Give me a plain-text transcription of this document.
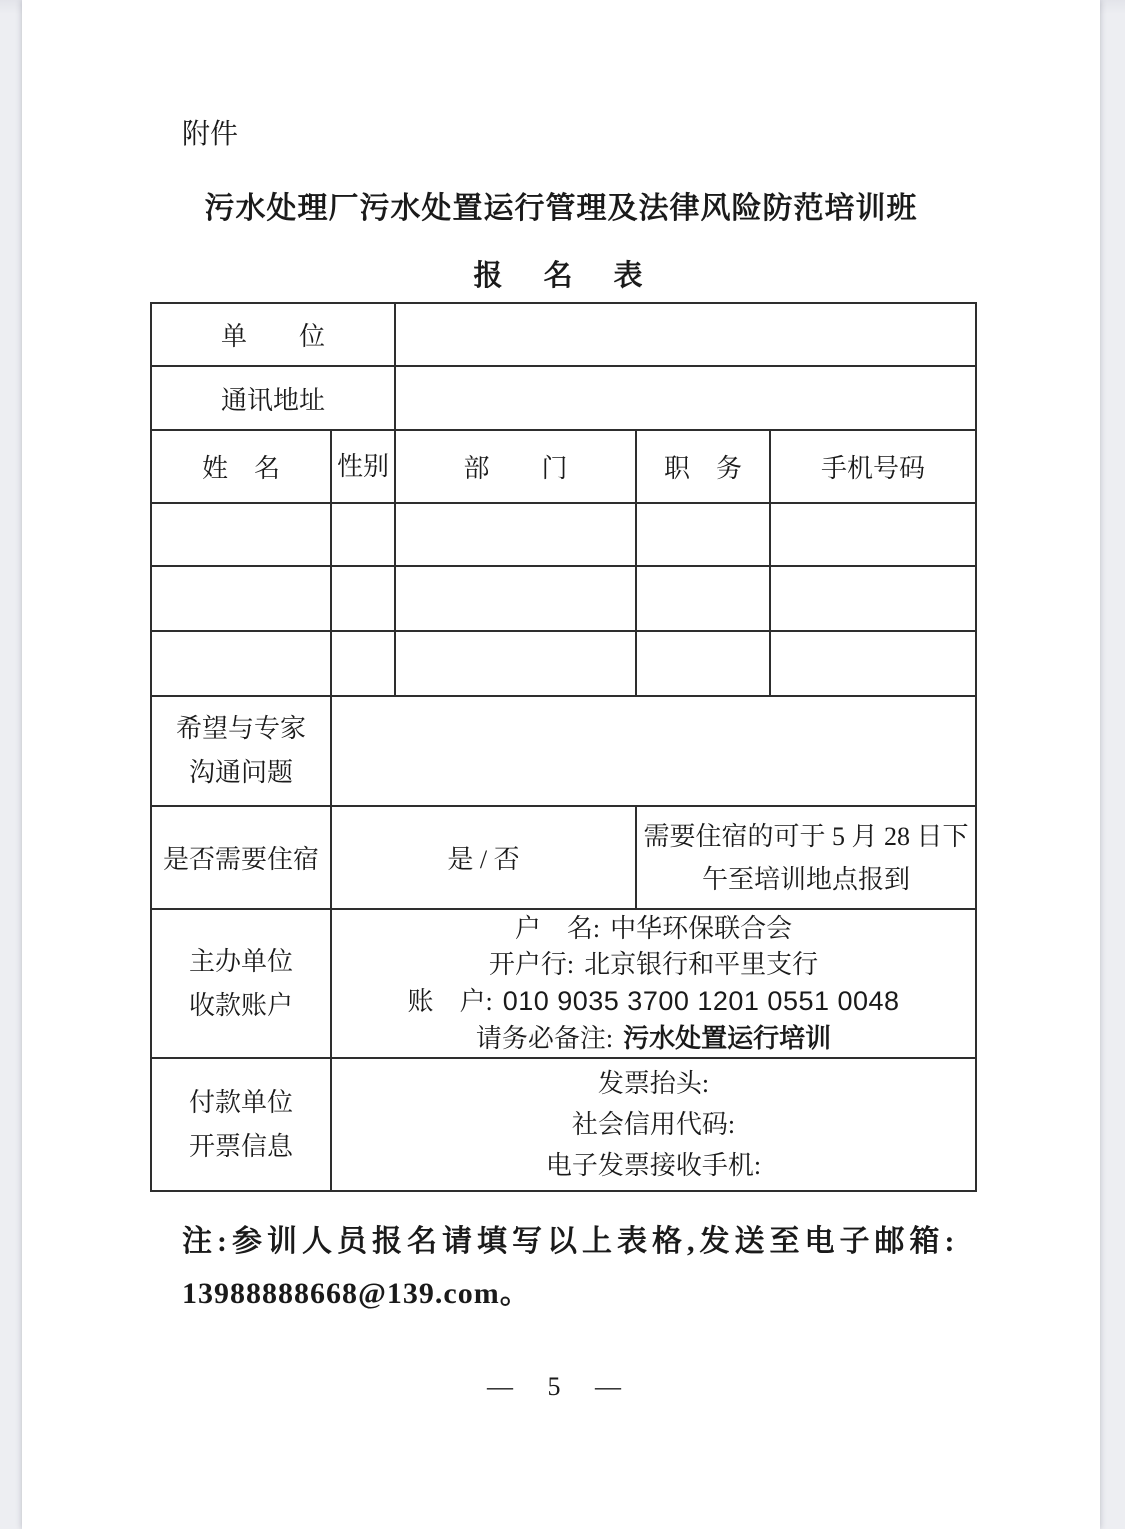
附件
污水处理厂污水处置运行管理及法律风险防范培训班
报　名　表
单　　位				
通讯地址				
姓　名	性别	部　　门	职　务	手机号码

希望与专家
沟通问题				

是否需要住宿	是 / 否		需要住宿的可于 5 月 28 日下午至培训地点报到	

主办单位
收款账户

户　名: 中华环保联合会
开户行: 北京银行和平里支行
账　户: 010 9035 3700 1201 0551 0048
请务必备注: 污水处置运行培训

付款单位
开票信息

发票抬头:
社会信用代码:
电子发票接收手机:
注:参训人员报名请填写以上表格,发送至电子邮箱:
13988888668@139.com。
— 5 —
